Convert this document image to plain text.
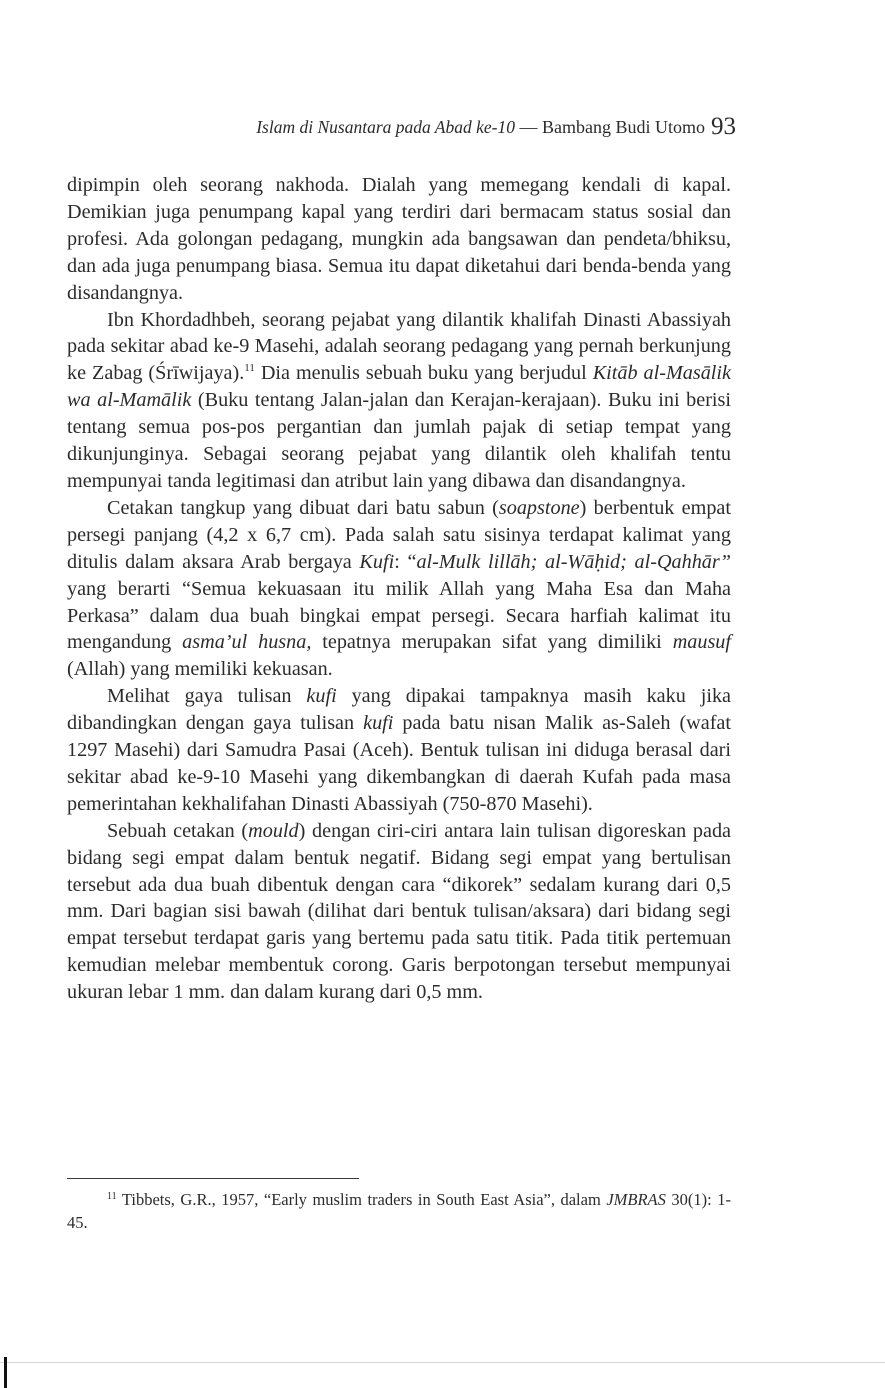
Islam di Nusantara pada Abad ke-10 — Bambang Budi Utomo 93

dipimpin oleh seorang nakhoda. Dialah yang memegang kendali di kapal. Demikian juga penumpang kapal yang terdiri dari bermacam status sosial dan profesi. Ada golongan pedagang, mungkin ada bangsawan dan pendeta/bhiksu, dan ada juga penumpang biasa. Semua itu dapat diketahui dari benda-benda yang disandangnya.

Ibn Khordadhbeh, seorang pejabat yang dilantik khalifah Dinasti Abassiyah pada sekitar abad ke-9 Masehi, adalah seorang pedagang yang pernah berkunjung ke Zabag (Śrīwijaya).$^{11}$ Dia menulis sebuah buku yang berjudul Kitāb al-Masālik wa al-Mamālik (Buku tentang Jalan-jalan dan Kerajan-kerajaan). Buku ini berisi tentang semua pos-pos pergantian dan jumlah pajak di setiap tempat yang dikunjunginya. Sebagai seorang pejabat yang dilantik oleh khalifah tentu mempunyai tanda legitimasi dan atribut lain yang dibawa dan disandangnya.

Cetakan tangkup yang dibuat dari batu sabun (soapstone) berbentuk empat persegi panjang (4,2 x 6,7 cm). Pada salah satu sisinya terdapat kalimat yang ditulis dalam aksara Arab bergaya Kufi: “al-Mulk lillāh; al-Wāḥid; al-Qahhār” yang berarti “Semua kekuasaan itu milik Allah yang Maha Esa dan Maha Perkasa” dalam dua buah bingkai empat persegi. Secara harfiah kalimat itu mengandung asma’ul husna, tepatnya merupakan sifat yang dimiliki mausuf (Allah) yang memiliki kekuasan.

Melihat gaya tulisan kufi yang dipakai tampaknya masih kaku jika dibandingkan dengan gaya tulisan kufi pada batu nisan Malik as-Saleh (wafat 1297 Masehi) dari Samudra Pasai (Aceh). Bentuk tulisan ini diduga berasal dari sekitar abad ke-9-10 Masehi yang dikembangkan di daerah Kufah pada masa pemerintahan kekhalifahan Dinasti Abassiyah (750-870 Masehi).

Sebuah cetakan (mould) dengan ciri-ciri antara lain tulisan digoreskan pada bidang segi empat dalam bentuk negatif. Bidang segi empat yang bertulisan tersebut ada dua buah dibentuk dengan cara “dikorek” sedalam kurang dari 0,5 mm. Dari bagian sisi bawah (dilihat dari bentuk tulisan/aksara) dari bidang segi empat tersebut terdapat garis yang bertemu pada satu titik. Pada titik pertemuan kemudian melebar membentuk corong. Garis berpotongan tersebut mempunyai ukuran lebar 1 mm. dan dalam kurang dari 0,5 mm.

$^{11}$ Tibbets, G.R., 1957, “Early muslim traders in South East Asia”, dalam JMBRAS 30(1): 1-45.
